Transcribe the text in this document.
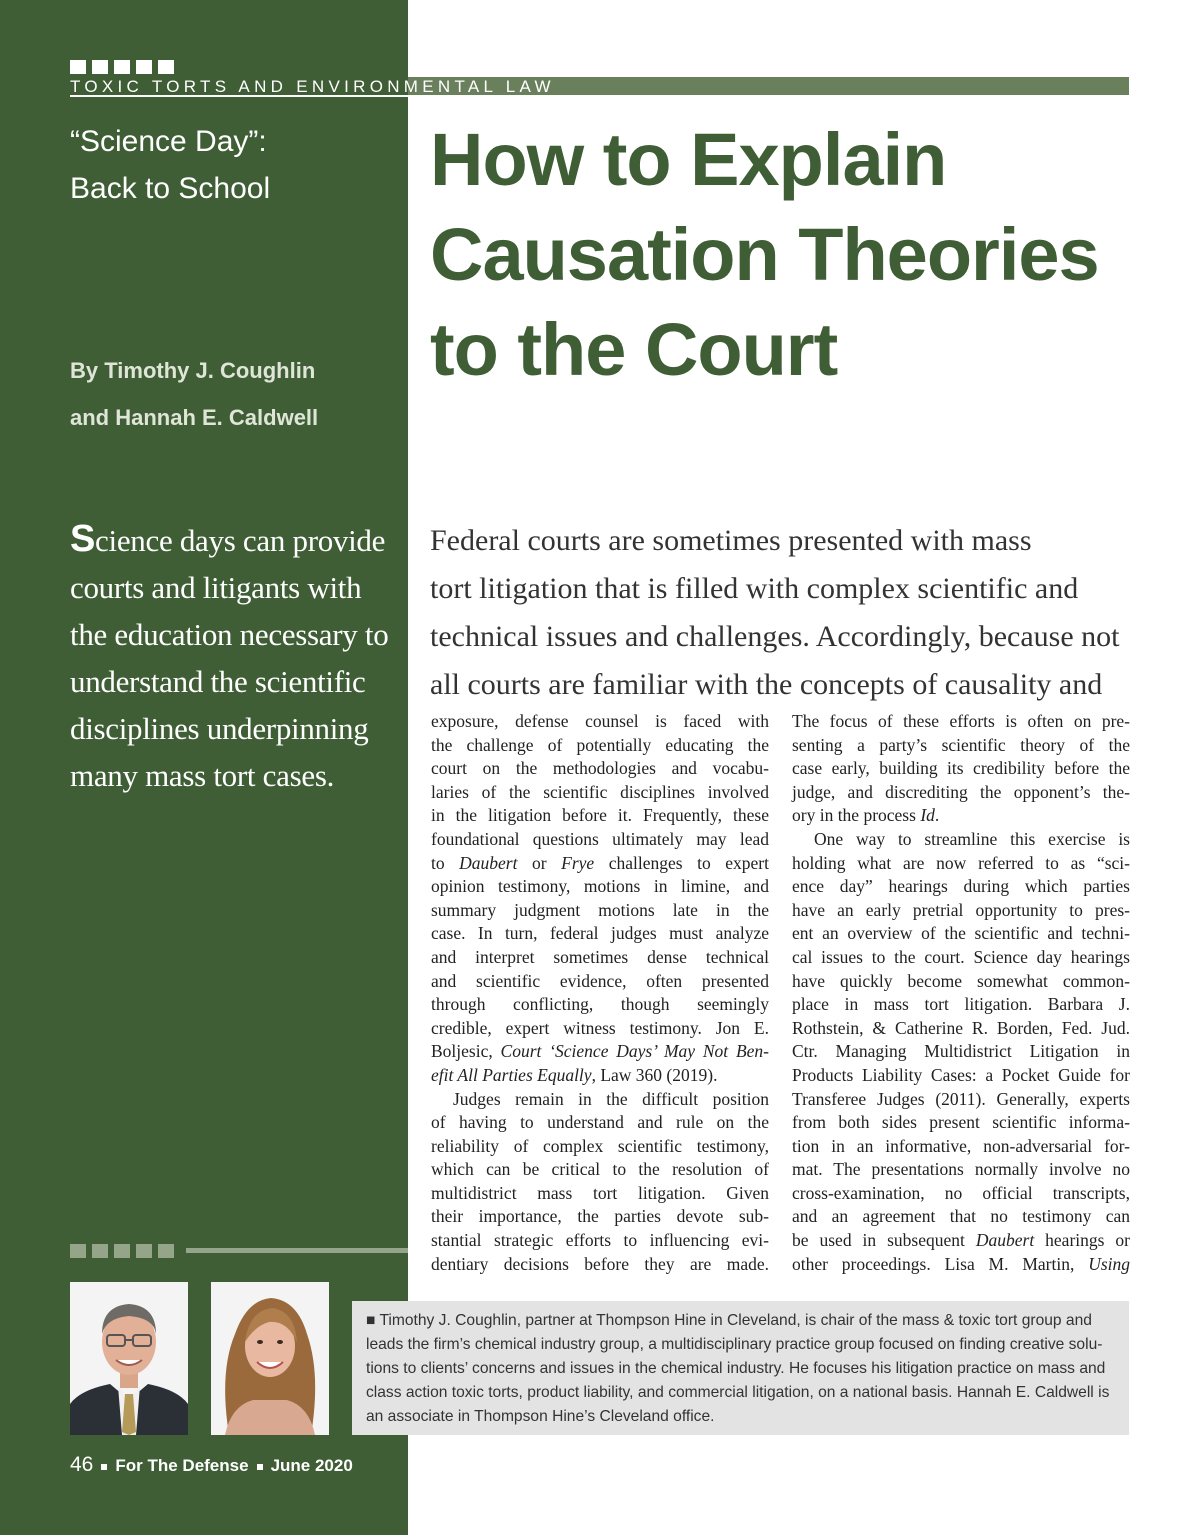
TOXIC TORTS AND ENVIRONMENTAL LAW
“Science Day”:
Back to School
By Timothy J. Coughlin
and Hannah E. Caldwell
How to Explain
Causation Theories
to the Court
Science days can provide
courts and litigants with
the education necessary to
understand the scientific
disciplines underpinning
many mass tort cases.
Federal courts are sometimes presented with mass
tort litigation that is filled with complex scientific and
technical issues and challenges. Accordingly, because not
all courts are familiar with the concepts of causality and
exposure, defense counsel is faced with
the challenge of potentially educating the
court on the methodologies and vocabu-
laries of the scientific disciplines involved
in the litigation before it. Frequently, these
foundational questions ultimately may lead
to Daubert or Frye challenges to expert
opinion testimony, motions in limine, and
summary judgment motions late in the
case. In turn, federal judges must analyze
and interpret sometimes dense technical
and scientific evidence, often presented
through conflicting, though seemingly
credible, expert witness testimony. Jon E.
Boljesic, Court ‘Science Days’ May Not Ben-
efit All Parties Equally, Law 360 (2019).
Judges remain in the difficult position
of having to understand and rule on the
reliability of complex scientific testimony,
which can be critical to the resolution of
multidistrict mass tort litigation. Given
their importance, the parties devote sub-
stantial strategic efforts to influencing evi-
dentiary decisions before they are made.
The focus of these efforts is often on pre-
senting a party’s scientific theory of the
case early, building its credibility before the
judge, and discrediting the opponent’s the-
ory in the process Id.
One way to streamline this exercise is
holding what are now referred to as “sci-
ence day” hearings during which parties
have an early pretrial opportunity to pres-
ent an overview of the scientific and techni-
cal issues to the court. Science day hearings
have quickly become somewhat common-
place in mass tort litigation. Barbara J.
Rothstein, & Catherine R. Borden, Fed. Jud.
Ctr. Managing Multidistrict Litigation in
Products Liability Cases: a Pocket Guide for
Transferee Judges (2011). Generally, experts
from both sides present scientific informa-
tion in an informative, non-adversarial for-
mat. The presentations normally involve no
cross-examination, no official transcripts,
and an agreement that no testimony can
be used in subsequent Daubert hearings or
other proceedings. Lisa M. Martin, Using
■ Timothy J. Coughlin, partner at Thompson Hine in Cleveland, is chair of the mass & toxic tort group and
leads the firm’s chemical industry group, a multidisciplinary practice group focused on finding creative solu-
tions to clients’ concerns and issues in the chemical industry. He focuses his litigation practice on mass and
class action toxic torts, product liability, and commercial litigation, on a national basis. Hannah E. Caldwell is
an associate in Thompson Hine’s Cleveland office.
46 For The Defense June 2020
